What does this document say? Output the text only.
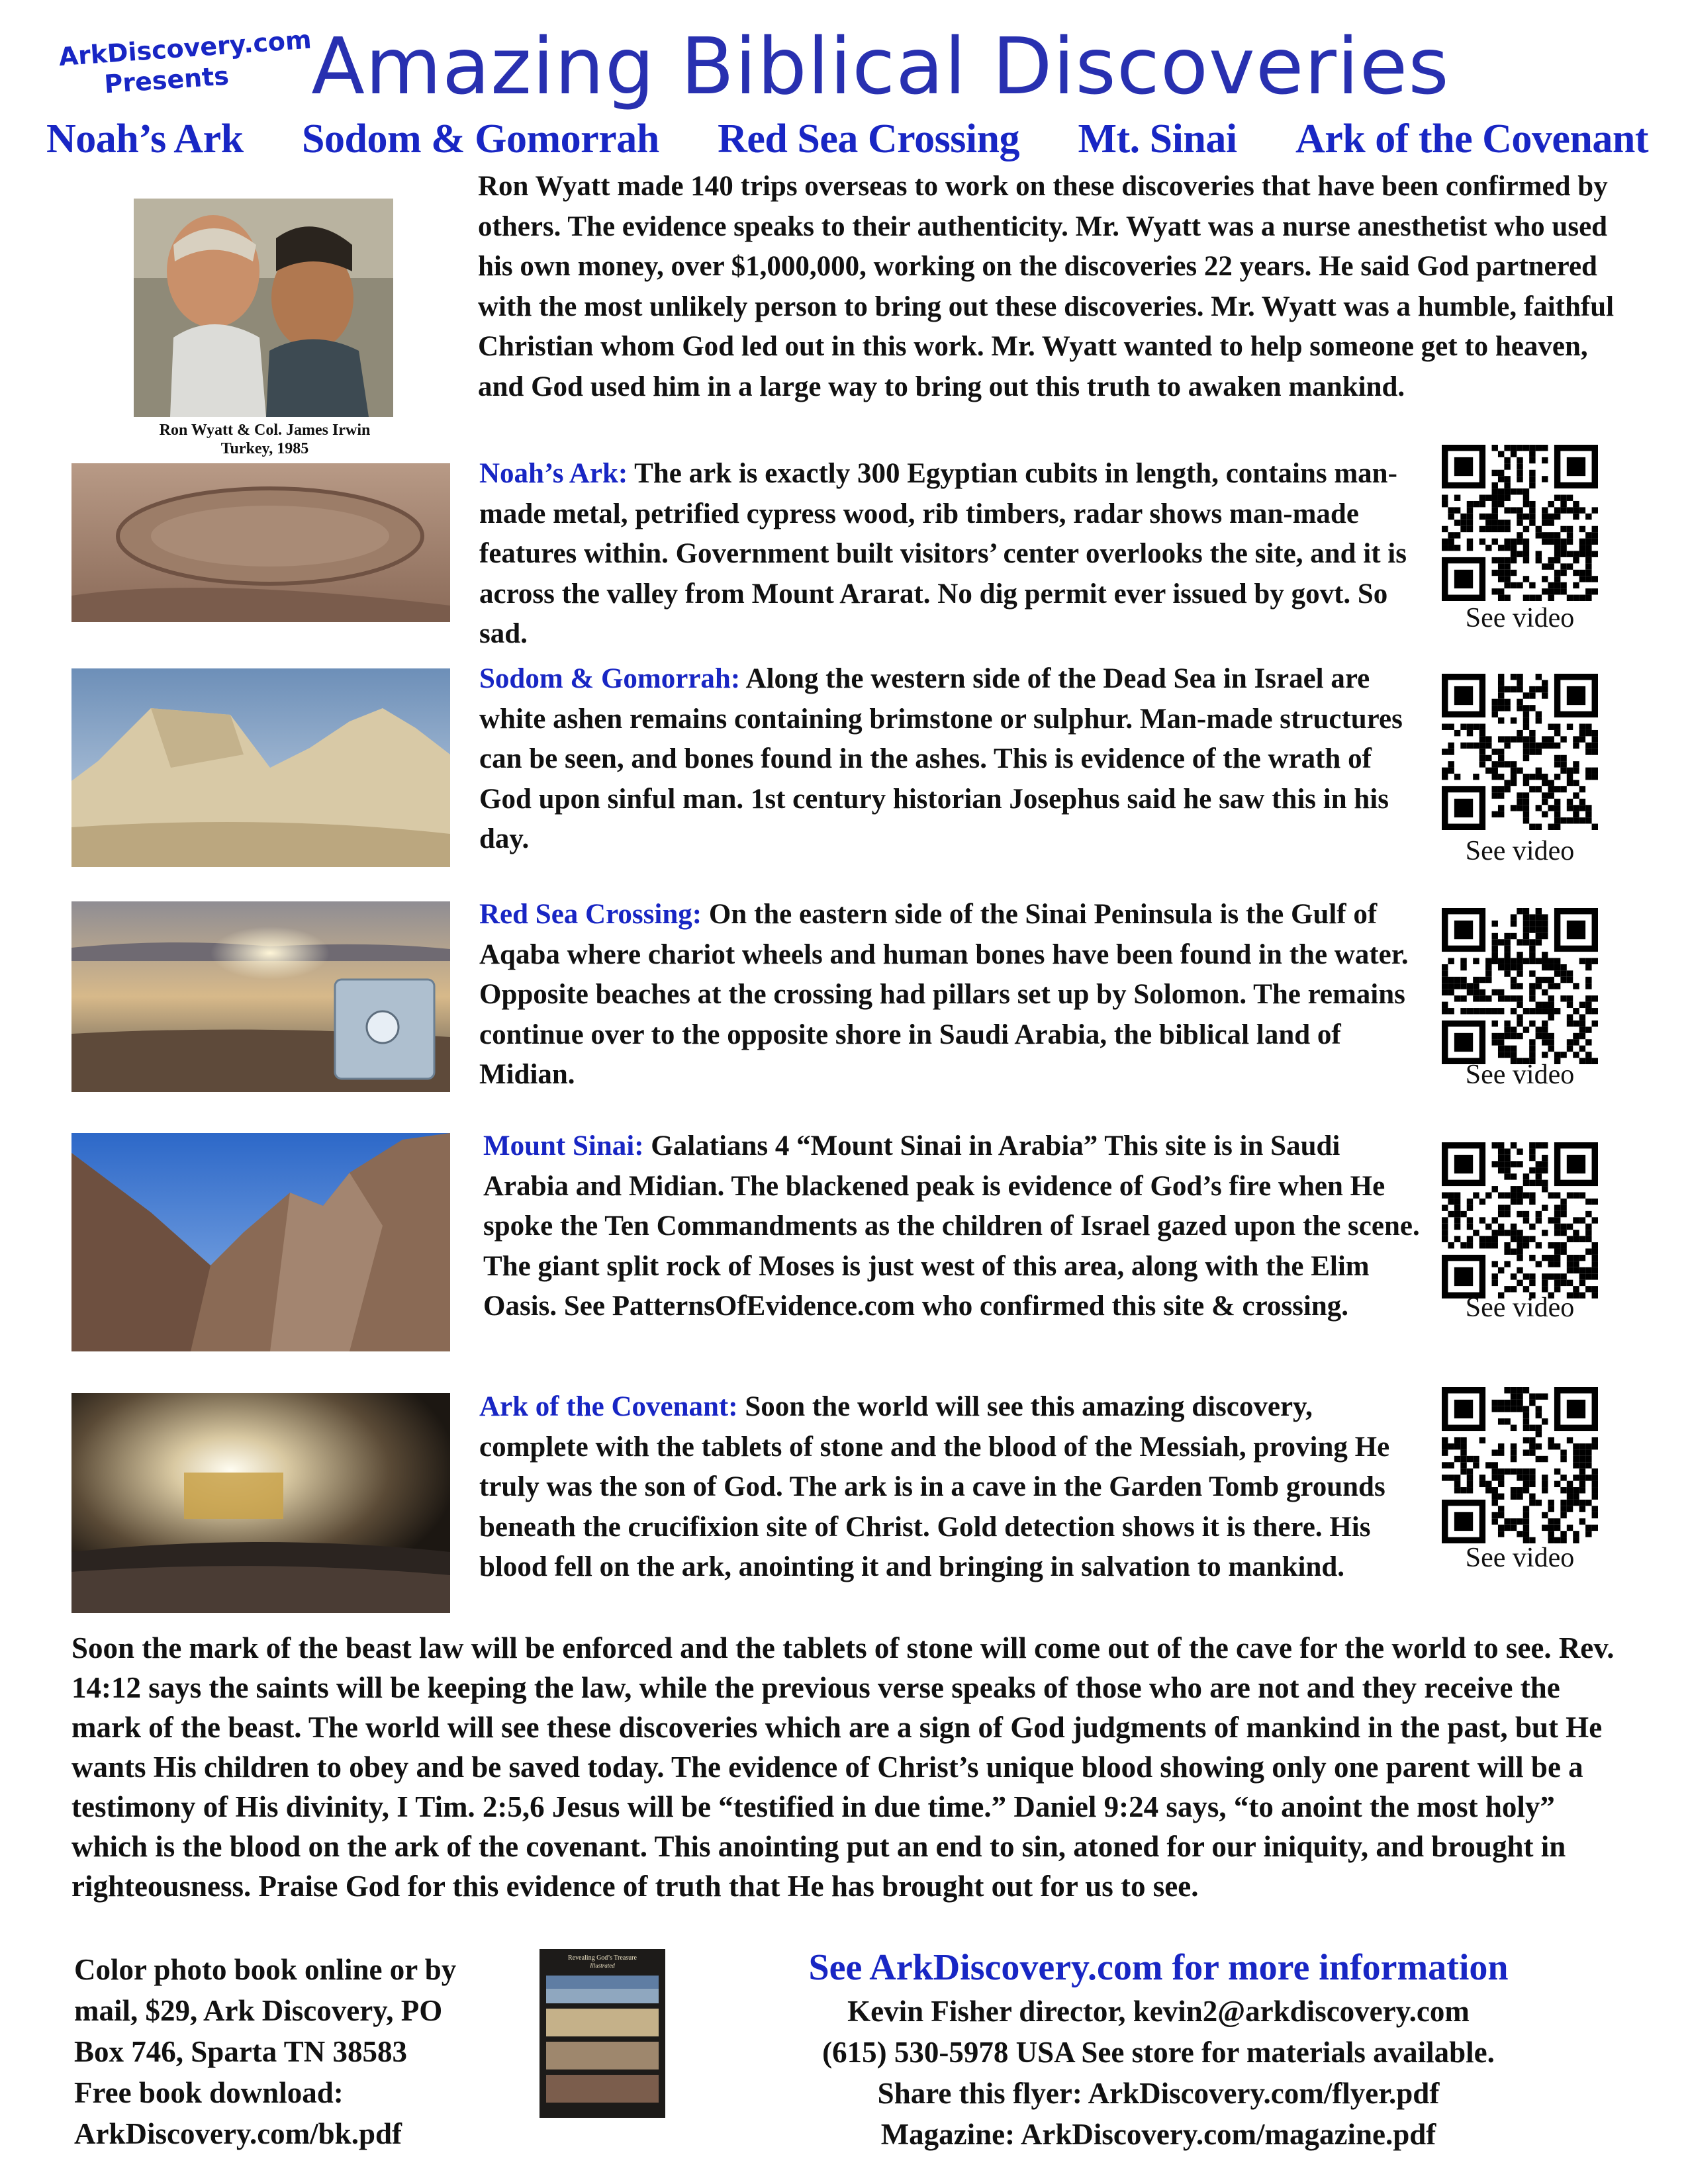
ArkDiscovery.com
Presents	Amazing Biblical Discoveries
Noah’s Ark Sodom & Gomorrah Red Sea Crossing Mt. Sinai Ark of the Covenant
Ron Wyatt & Col. James Irwin
Turkey, 1985
Ron Wyatt made 140 trips overseas to work on these discoveries that have been confirmed by others. The evidence speaks to their authenticity. Mr. Wyatt was a nurse anesthetist who used his own money, over $1,000,000, working on the discoveries 22 years. He said God partnered with the most unlikely person to bring out these discoveries. Mr. Wyatt was a humble, faithful Christian whom God led out in this work. Mr. Wyatt wanted to help someone get to heaven, and God used him in a large way to bring out this truth to awaken mankind.
Noah’s Ark: The ark is exactly 300 Egyptian cubits in length, contains man-made metal, petrified cypress wood, rib timbers, radar shows man-made features within. Government built visitors’ center overlooks the site, and it is across the valley from Mount Ararat. No dig permit ever issued by govt. So sad.	See video
Sodom & Gomorrah: Along the western side of the Dead Sea in Israel are white ashen remains containing brimstone or sulphur. Man-made structures can be seen, and bones found in the ashes. This is evidence of the wrath of God upon sinful man. 1st century historian Josephus said he saw this in his day.	See video
Red Sea Crossing: On the eastern side of the Sinai Peninsula is the Gulf of Aqaba where chariot wheels and human bones have been found in the water. Opposite beaches at the crossing had pillars set up by Solomon. The remains continue over to the opposite shore in Saudi Arabia, the biblical land of Midian.	See video
Mount Sinai: Galatians 4 “Mount Sinai in Arabia” This site is in Saudi Arabia and Midian. The blackened peak is evidence of God’s fire when He spoke the Ten Commandments as the children of Israel gazed upon the scene. The giant split rock of Moses is just west of this area, along with the Elim Oasis. See PatternsOfEvidence.com who confirmed this site & crossing.	See video
Ark of the Covenant: Soon the world will see this amazing discovery, complete with the tablets of stone and the blood of the Messiah, proving He truly was the son of God. The ark is in a cave in the Garden Tomb grounds beneath the crucifixion site of Christ. Gold detection shows it is there. His blood fell on the ark, anointing it and bringing in salvation to mankind.	See video
Soon the mark of the beast law will be enforced and the tablets of stone will come out of the cave for the world to see. Rev. 14:12 says the saints will be keeping the law, while the previous verse speaks of those who are not and they receive the mark of the beast. The world will see these discoveries which are a sign of God judgments of mankind in the past, but He wants His children to obey and be saved today. The evidence of Christ’s unique blood showing only one parent will be a testimony of His divinity, I Tim. 2:5,6 Jesus will be “testified in due time.” Daniel 9:24 says, “to anoint the most holy” which is the blood on the ark of the covenant. This anointing put an end to sin, atoned for our iniquity, and brought in righteousness. Praise God for this evidence of truth that He has brought out for us to see.
Color photo book online or by
mail, $29, Ark Discovery, PO
Box 746, Sparta TN 38583
Free book download:
ArkDiscovery.com/bk.pdf
Revealing God’s Treasure
Illustrated	See ArkDiscovery.com for more information
Kevin Fisher director, kevin2@arkdiscovery.com
(615) 530-5978 USA See store for materials available.
Share this flyer: ArkDiscovery.com/flyer.pdf
Magazine: ArkDiscovery.com/magazine.pdf
